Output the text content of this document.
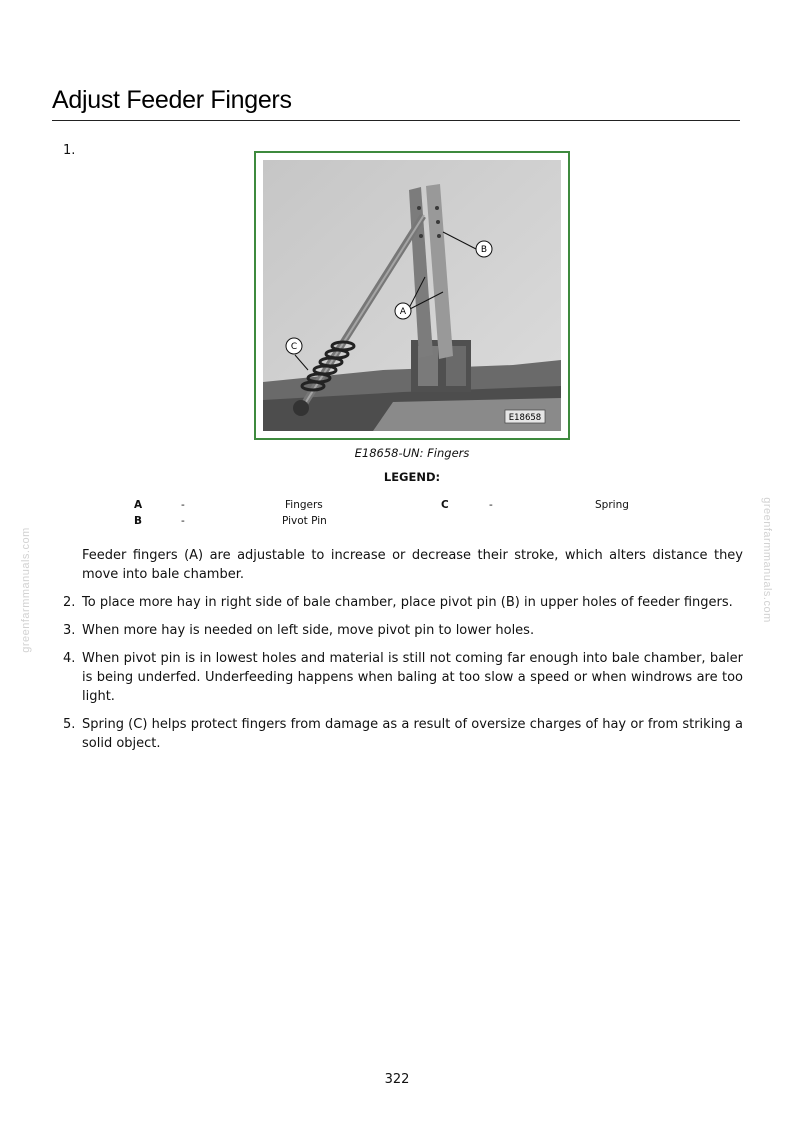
Adjust Feeder Fingers
1.
B
A
C
E18658
E18658-UN: Fingers
LEGEND:
A	-	Fingers	C	-	Spring
B	-	Pivot Pin
Feeder fingers (A) are adjustable to increase or decrease their stroke, which alters distance they move into bale chamber.
2. To place more hay in right side of bale chamber, place pivot pin (B) in upper holes of feeder fingers.
3. When more hay is needed on left side, move pivot pin to lower holes.
4. When pivot pin is in lowest holes and material is still not coming far enough into bale chamber, baler is being underfed. Underfeeding happens when baling at too slow a speed or when windrows are too light.
5. Spring (C) helps protect fingers from damage as a result of oversize charges of hay or from striking a solid object.
greenfarmmanuals.com	greenfarmmanuals.com
322
